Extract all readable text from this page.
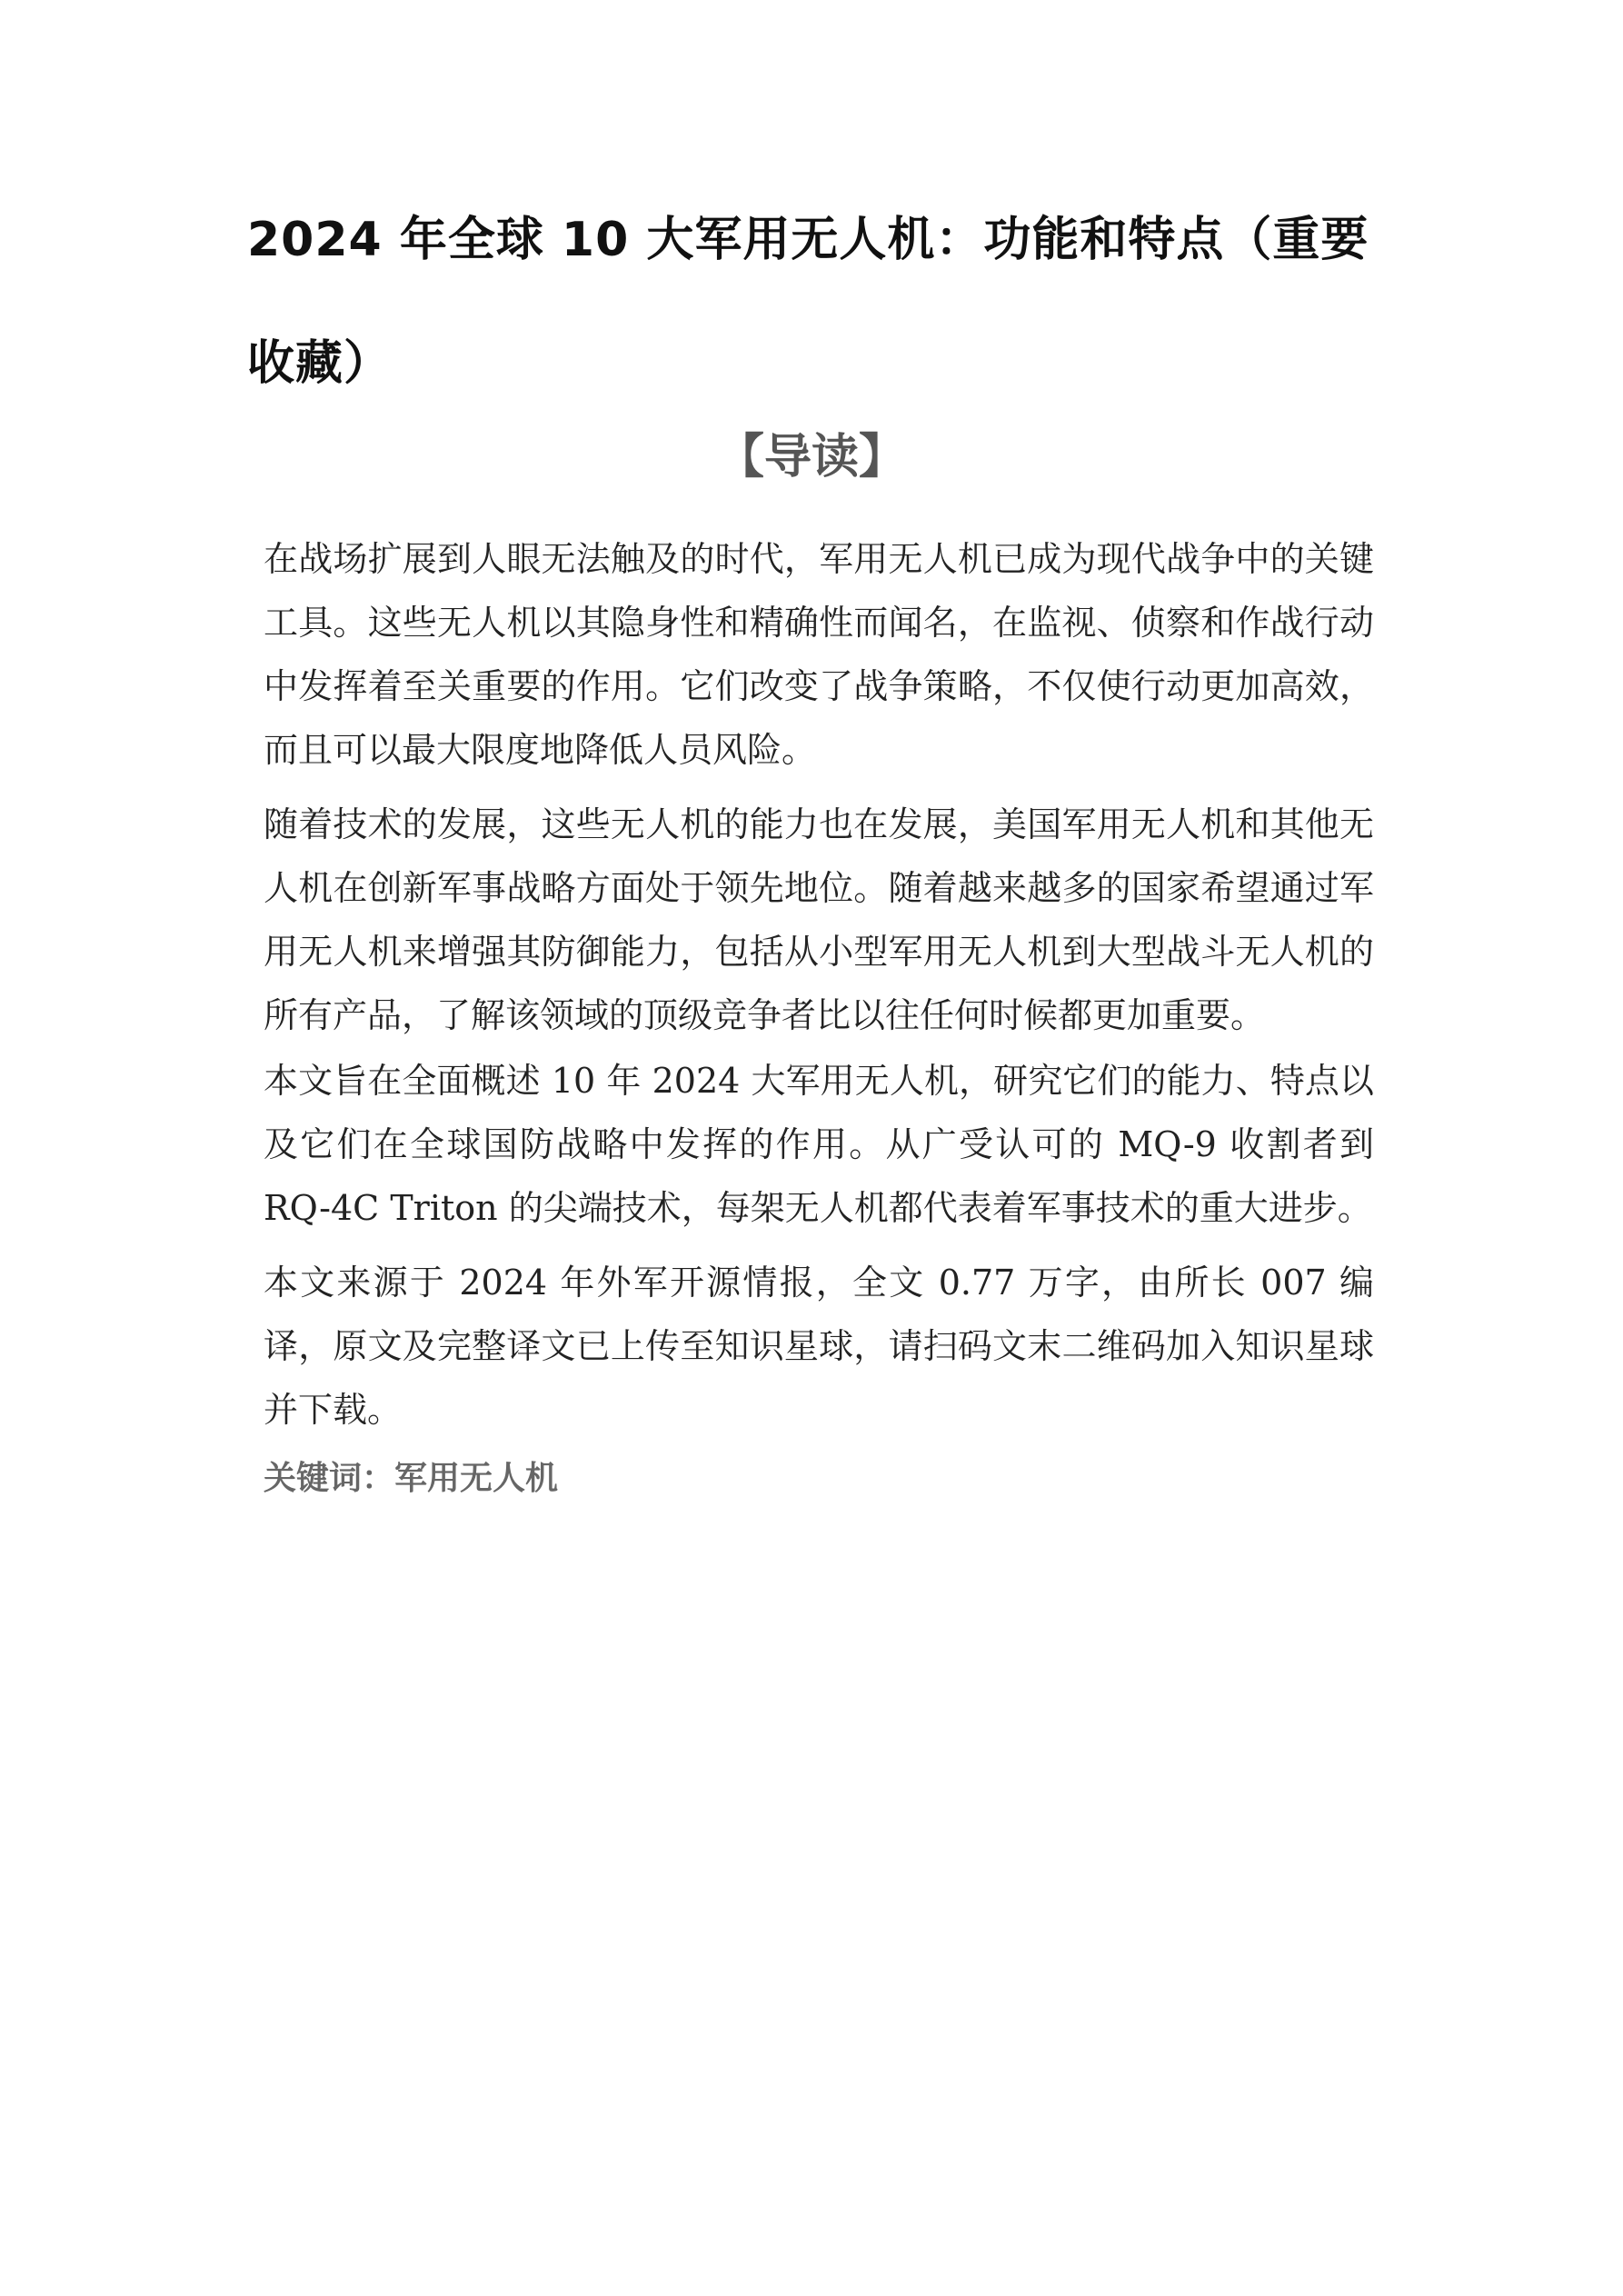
2024 年全球 10 大军用无人机：功能和特点（重要收藏）
【导读】

在战场扩展到人眼无法触及的时代，军用无人机已成为现代战争中的关键工具。这些无人机以其隐身性和精确性而闻名，在监视、侦察和作战行动中发挥着至关重要的作用。它们改变了战争策略，不仅使行动更加高效，而且可以最大限度地降低人员风险。

随着技术的发展，这些无人机的能力也在发展，美国军用无人机和其他无人机在创新军事战略方面处于领先地位。随着越来越多的国家希望通过军用无人机来增强其防御能力，包括从小型军用无人机到大型战斗无人机的所有产品，了解该领域的顶级竞争者比以往任何时候都更加重要。

本文旨在全面概述 10 年 2024 大军用无人机，研究它们的能力、特点以及它们在全球国防战略中发挥的作用。从广受认可的 MQ-9 收割者到 RQ-4C Triton 的尖端技术，每架无人机都代表着军事技术的重大进步。

本文来源于 2024 年外军开源情报，全文 0.77 万字，由所长 007 编译，原文及完整译文已上传至知识星球，请扫码文末二维码加入知识星球并下载。

关键词：军用无人机
